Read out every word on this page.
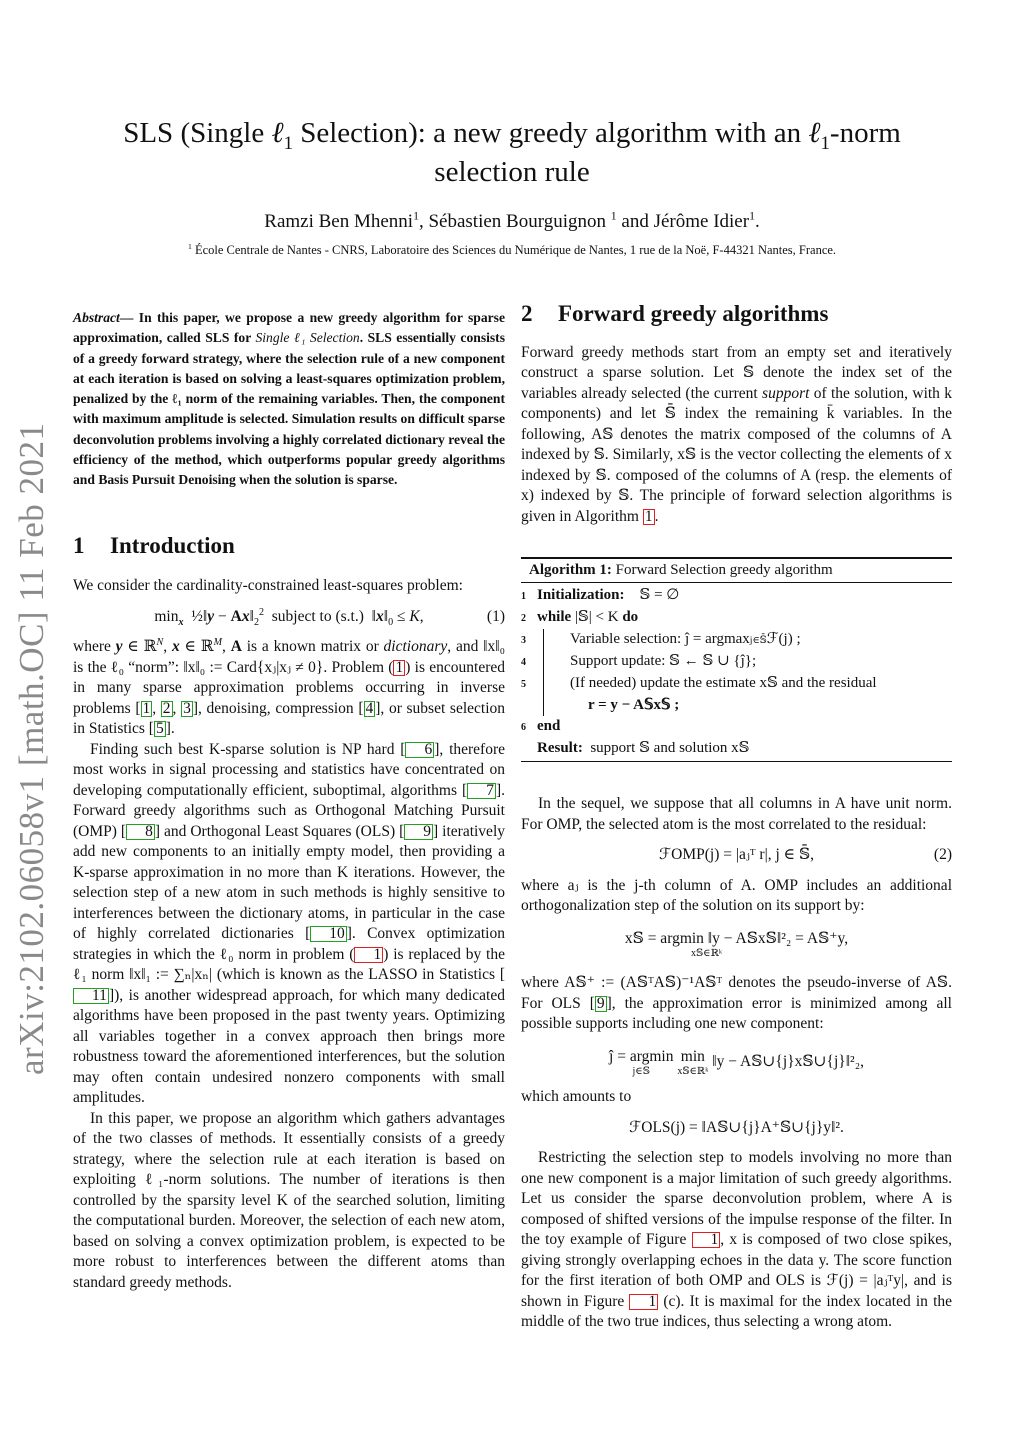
arXiv:2102.06058v1 [math.OC] 11 Feb 2021
SLS (Single ℓ$_1$ Selection): a new greedy algorithm with an ℓ$_1$-norm
selection rule
Ramzi Ben Mhenni$^1$, Sébastien Bourguignon $^1$ and Jérôme Idier$^1$.
$^1$ École Centrale de Nantes - CNRS, Laboratoire des Sciences du Numérique de Nantes, 1 rue de la Noë, F-44321 Nantes, France.

Abstract— In this paper, we propose a new greedy algorithm for sparse approximation, called SLS for Single ℓ₁ Selection. SLS essentially consists of a greedy forward strategy, where the selection rule of a new component at each iteration is based on solving a least-squares optimization problem, penalized by the ℓ₁ norm of the remaining variables. Then, the component with maximum amplitude is selected. Simulation results on difficult sparse deconvolution problems involving a highly correlated dictionary reveal the efficiency of the method, which outperforms popular greedy algorithms and Basis Pursuit Denoising when the solution is sparse.

1 Introduction

We consider the cardinality-constrained least-squares problem:

$\min_x$ ½‖y − $Ax‖_2^2$ subject to (s.t.)  $‖x‖_0 \le K$,	(1)

where y ∈ ℝ$^N$, x ∈ ℝ$^M$, A is a known matrix or dictionary, and ‖x‖₀ is the ℓ₀ “norm”: ‖x‖₀ := Card{xⱼ|xⱼ ≠ 0}. Problem ( 1 ) is encountered in many sparse approximation problems occurring in inverse problems [ 1 , 2 , 3 ], denoising, compression [ 4 ], or subset selection in Statistics [ 5 ].

Finding such best K-sparse solution is NP hard [ 6 ], therefore most works in signal processing and statistics have concentrated on developing computationally efficient, suboptimal, algorithms [ 7 ]. Forward greedy algorithms such as Orthogonal Matching Pursuit (OMP) [ 8 ] and Orthogonal Least Squares (OLS) [ 9 ] iteratively add new components to an initially empty model, then providing a K-sparse approximation in no more than K iterations. However, the selection step of a new atom in such methods is highly sensitive to interferences between the dictionary atoms, in particular in the case of highly correlated dictionaries [ 10 ]. Convex optimization strategies in which the ℓ₀ norm in problem ( 1 ) is replaced by the ℓ₁ norm ‖x‖₁ := ∑ₙ|xₙ| (which is known as the LASSO in Statistics [11 ]), is another widespread approach, for which many dedicated algorithms have been proposed in the past twenty years. Optimizing all variables together in a convex approach then brings more robustness toward the aforementioned interferences, but the solution may often contain undesired nonzero components with small amplitudes.

In this paper, we propose an algorithm which gathers advantages of the two classes of methods. It essentially consists of a greedy strategy, where the selection rule at each iteration is based on exploiting ℓ₁-norm solutions. The number of iterations is then controlled by the sparsity level K of the searched solution, limiting the computational burden. Moreover, the selection of each new atom, based on solving a convex optimization problem, is expected to be more robust to interferences between the different atoms than standard greedy methods.

2 Forward greedy algorithms

Forward greedy methods start from an empty set and iteratively construct a sparse solution. Let 𝕊 denote the index set of the variables already selected (the current support of the solution, with k components) and let 𝕊̄ index the remaining k̄ variables. In the following, A𝕊 denotes the matrix composed of the columns of A indexed by 𝕊. Similarly, x𝕊 is the vector collecting the elements of x indexed by 𝕊. composed of the columns of A (resp. the elements of x) indexed by 𝕊. The principle of forward selection algorithms is given in Algorithm 1 .

Algorithm 1: Forward Selection greedy algorithm
1 Initialization: 𝕊 = ∅
2 while |𝕊| < K do
3	Variable selection: ĵ = argmax j∈𝕊̄ ℱ(j) ;
4	Support update: 𝕊 ← 𝕊 ∪ {ĵ};
5	(If needed) update the estimate x𝕊 and the residual
r = y − A𝕊x𝕊 ;
6 end
Result: support 𝕊 and solution x𝕊

In the sequel, we suppose that all columns in A have unit norm. For OMP, the selected atom is the most correlated to the residual:

ℱOMP(j) = |aⱼᵀ r|, j ∈ 𝕊̄,	(2)

where aⱼ is the j-th column of A. OMP includes an additional orthogonalization step of the solution on its support by:

x𝕊 = argmin ‖y − A𝕊x𝕊‖²₂ = A𝕊⁺y,
x𝕊∈ℝᵏ

where A𝕊⁺ := (A𝕊ᵀA𝕊)⁻¹A𝕊ᵀ denotes the pseudo-inverse of A𝕊. For OLS [ 9 ], the approximation error is minimized among all possible supports including one new component:

ĵ = argmin
j∈𝕊

min
x𝕊∈ℝᵏ

‖y − A𝕊∪{j}x𝕊∪{j}‖²₂,

which amounts to

ℱOLS(j) = ‖A𝕊∪{j}A⁺𝕊∪{j}y‖².

Restricting the selection step to models involving no more than one new component is a major limitation of such greedy algorithms. Let us consider the sparse deconvolution problem, where A is composed of shifted versions of the impulse response of the filter. In the toy example of Figure 1 , x is composed of two close spikes, giving strongly overlapping echoes in the data y. The score function for the first iteration of both OMP and OLS is ℱ(j) = |aⱼᵀy|, and is shown in Figure 1 (c). It is maximal for the index located in the middle of the two true indices, thus selecting a wrong atom.
